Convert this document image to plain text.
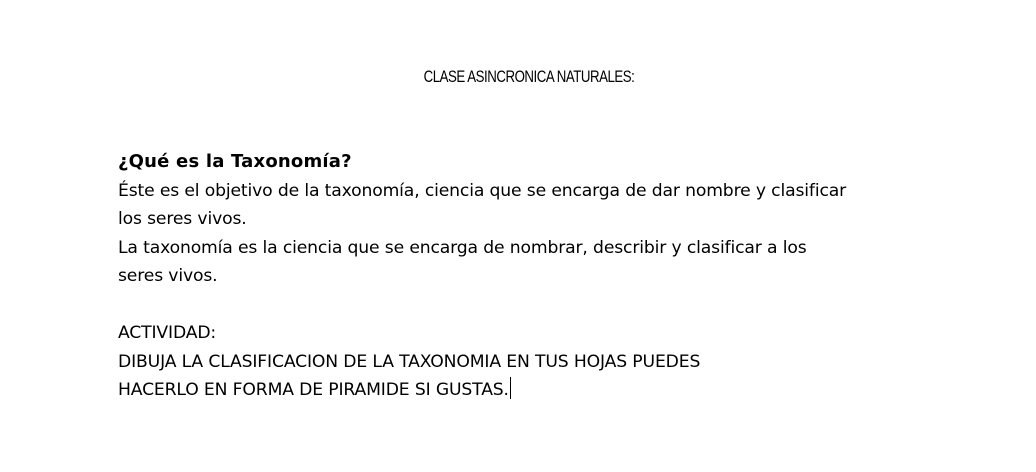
CLASE ASINCRONICA NATURALES:
¿Qué es la Taxonomía?
Éste es el objetivo de la taxonomía, ciencia que se encarga de dar nombre y clasificar
los seres vivos.
La taxonomía es la ciencia que se encarga de nombrar, describir y clasificar a los
seres vivos.
ACTIVIDAD:
DIBUJA LA CLASIFICACION DE LA TAXONOMIA EN TUS HOJAS PUEDES
HACERLO EN FORMA DE PIRAMIDE SI GUSTAS.
